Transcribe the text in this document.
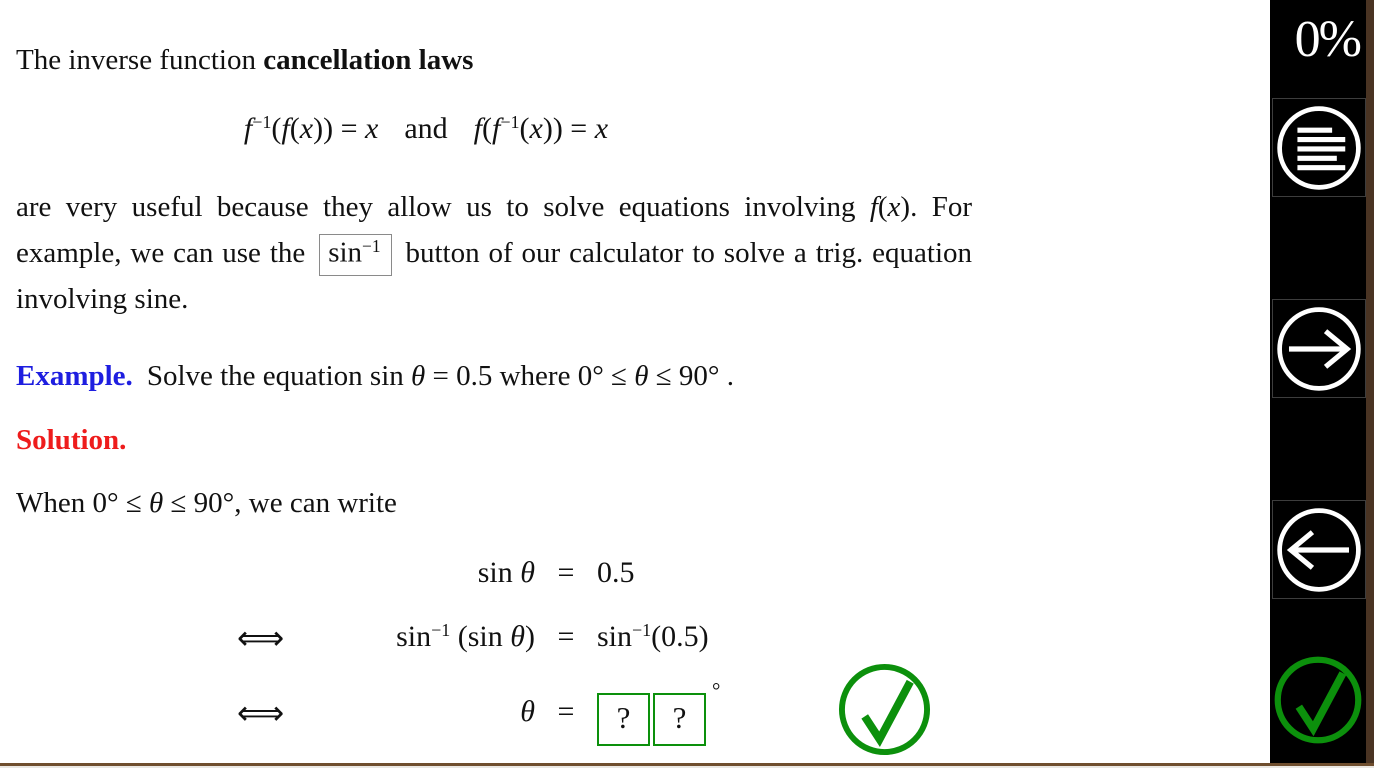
The inverse function cancellation laws
$f^{-1}(f(x)) = x$ and $f(f^{-1}(x)) = x$
are very useful because they allow us to solve equations involving f(x). For example, we can use the $\sin^{-1}$ button of our calculator to solve a trig. equation involving sine.
Example. Solve the equation sin θ = 0.5 where 0° ≤ θ ≤ 90° .
Solution.
When 0° ≤ θ ≤ 90°, we can write
sin θ = 0.5
⟺	$\sin^{-1} (\sin$ $\theta) = \sin^{-1}(0.5)$
⟺	θ =	? ?°
0%
